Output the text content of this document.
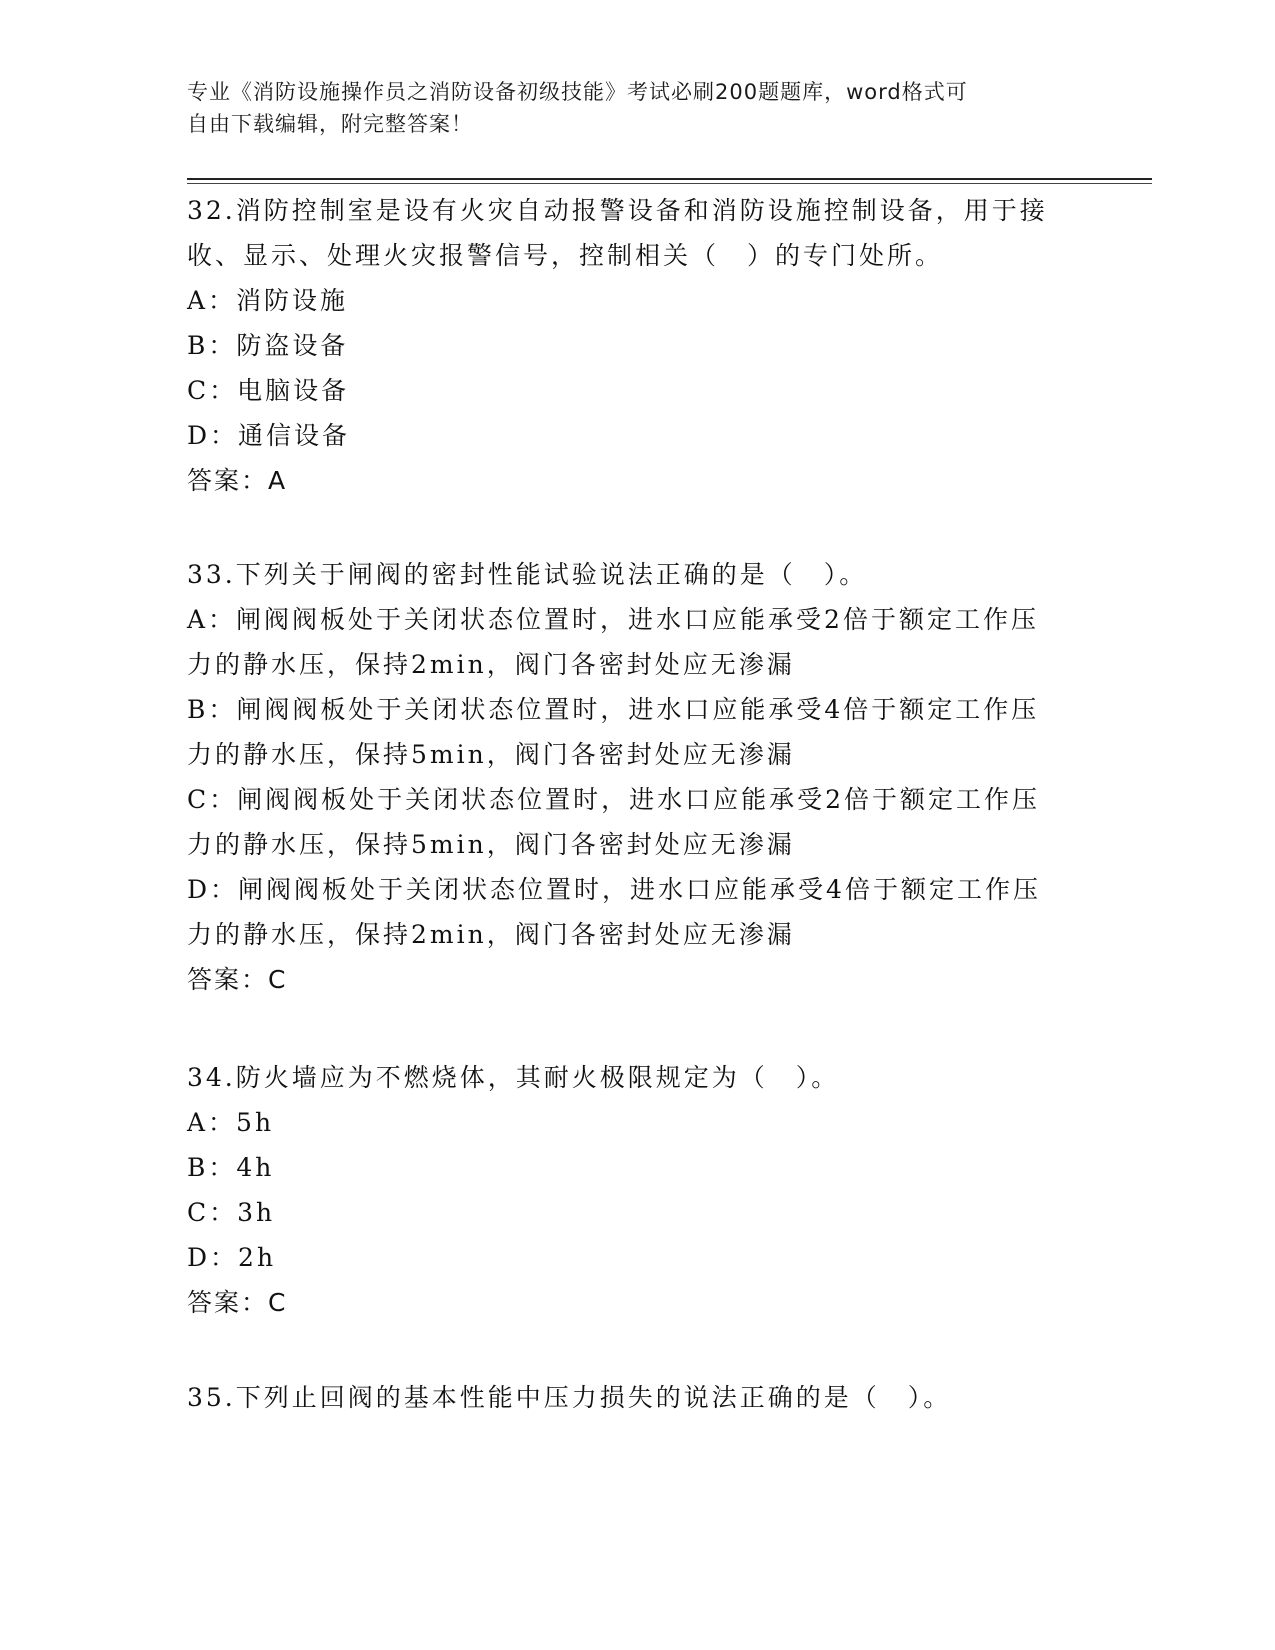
专业《消防设施操作员之消防设备初级技能》考试必刷200题题库，word格式可
自由下载编辑，附完整答案！
32.消防控制室是设有火灾自动报警设备和消防设施控制设备，用于接
收、显示、处理火灾报警信号，控制相关（　）的专门处所。
A：消防设施
B：防盗设备
C：电脑设备
D：通信设备
答案：A
33.下列关于闸阀的密封性能试验说法正确的是（　）。
A：闸阀阀板处于关闭状态位置时，进水口应能承受2倍于额定工作压
力的静水压，保持2min，阀门各密封处应无渗漏
B：闸阀阀板处于关闭状态位置时，进水口应能承受4倍于额定工作压
力的静水压，保持5min，阀门各密封处应无渗漏
C：闸阀阀板处于关闭状态位置时，进水口应能承受2倍于额定工作压
力的静水压，保持5min，阀门各密封处应无渗漏
D：闸阀阀板处于关闭状态位置时，进水口应能承受4倍于额定工作压
力的静水压，保持2min，阀门各密封处应无渗漏
答案：C
34.防火墙应为不燃烧体，其耐火极限规定为（　）。
A：5h
B：4h
C：3h
D：2h
答案：C
35.下列止回阀的基本性能中压力损失的说法正确的是（　）。
